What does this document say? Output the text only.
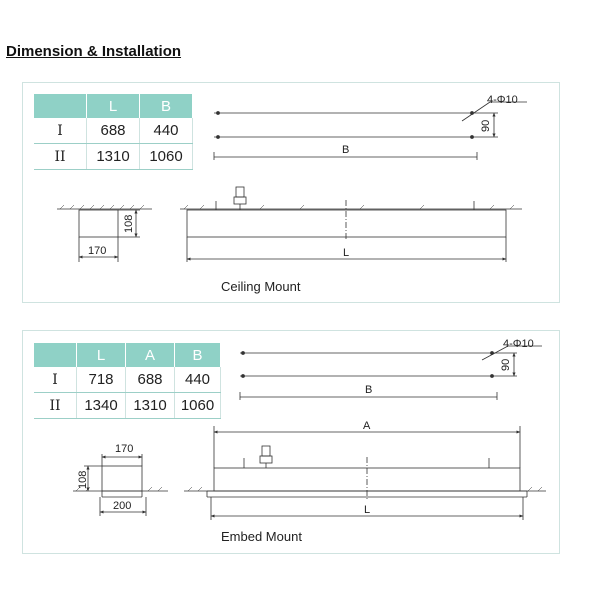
Dimension & Installation
	L	B
I	688	440
II	1310	1060
	L	A	B
I	718	688	440
II	1340	1310	1060
4-Φ10
90
B
108
170	L
Ceiling Mount
4-Φ10
90
B
A
170
108
200	L
Embed Mount
